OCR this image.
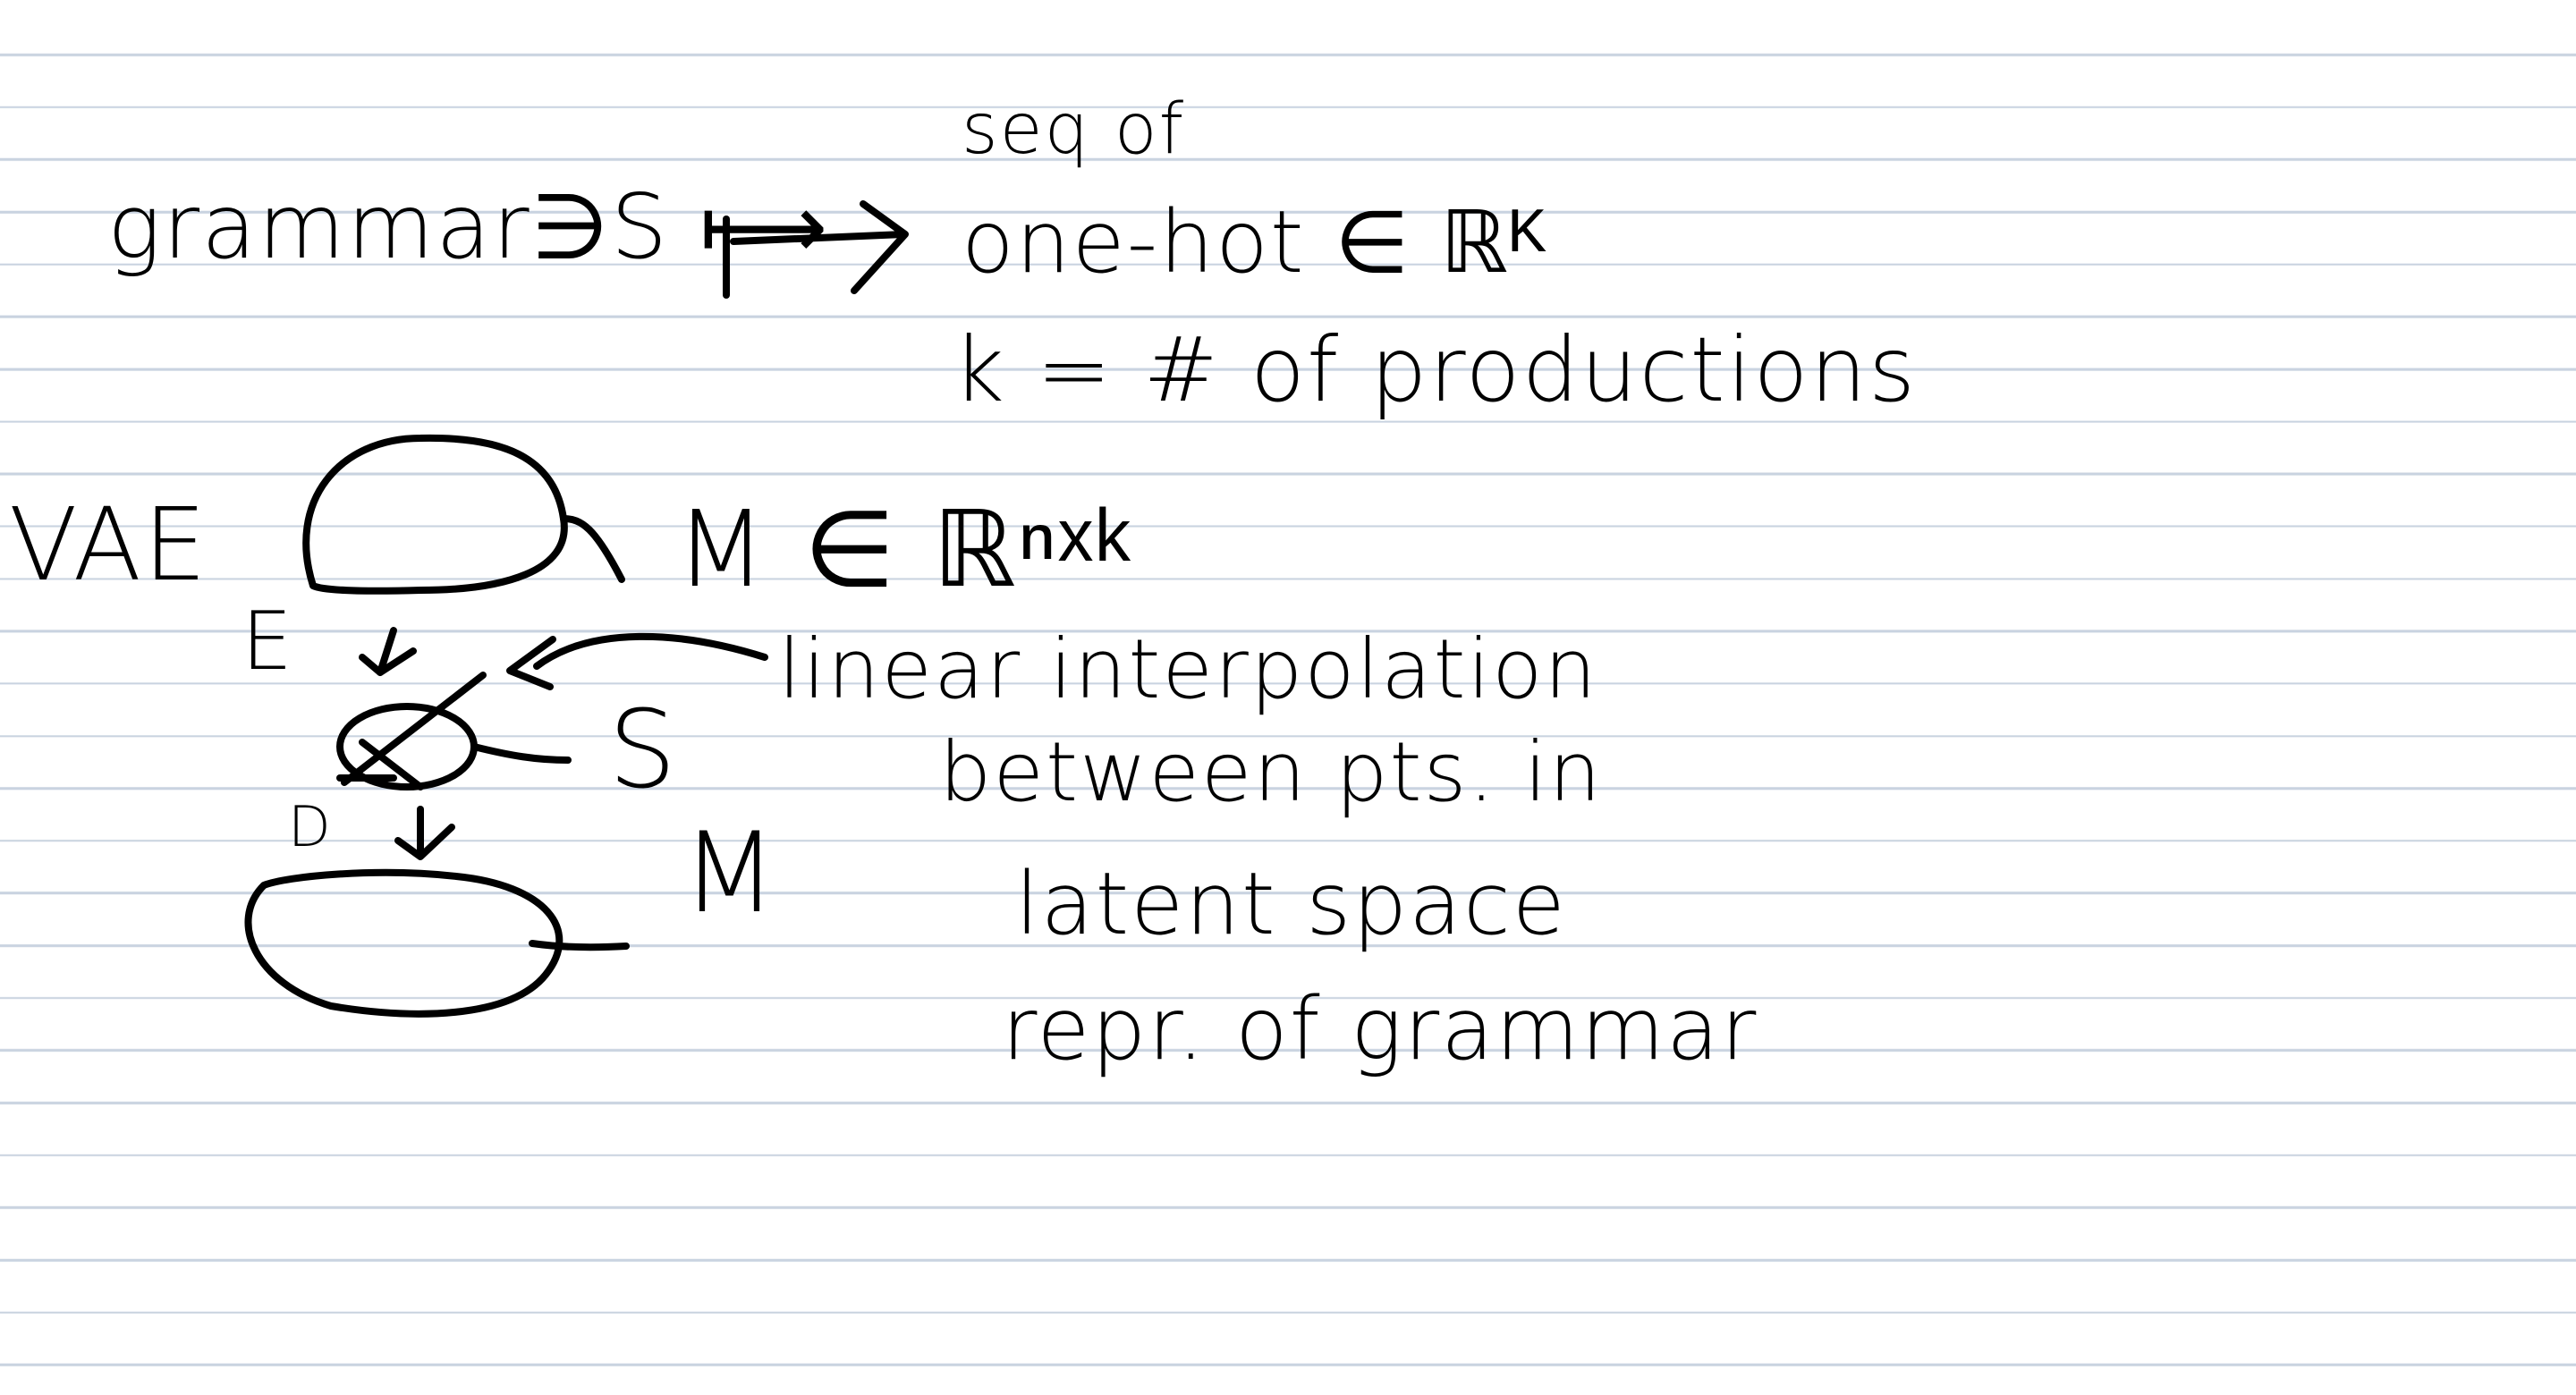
grammar∋S ⟼
seq of
one-hot ∈ ℝᴷ
k = # of productions
VAE	M ∈ ℝⁿˣᵏ
E	linear interpolation
S	between pts. in
D	M	latent space
repr. of grammar
